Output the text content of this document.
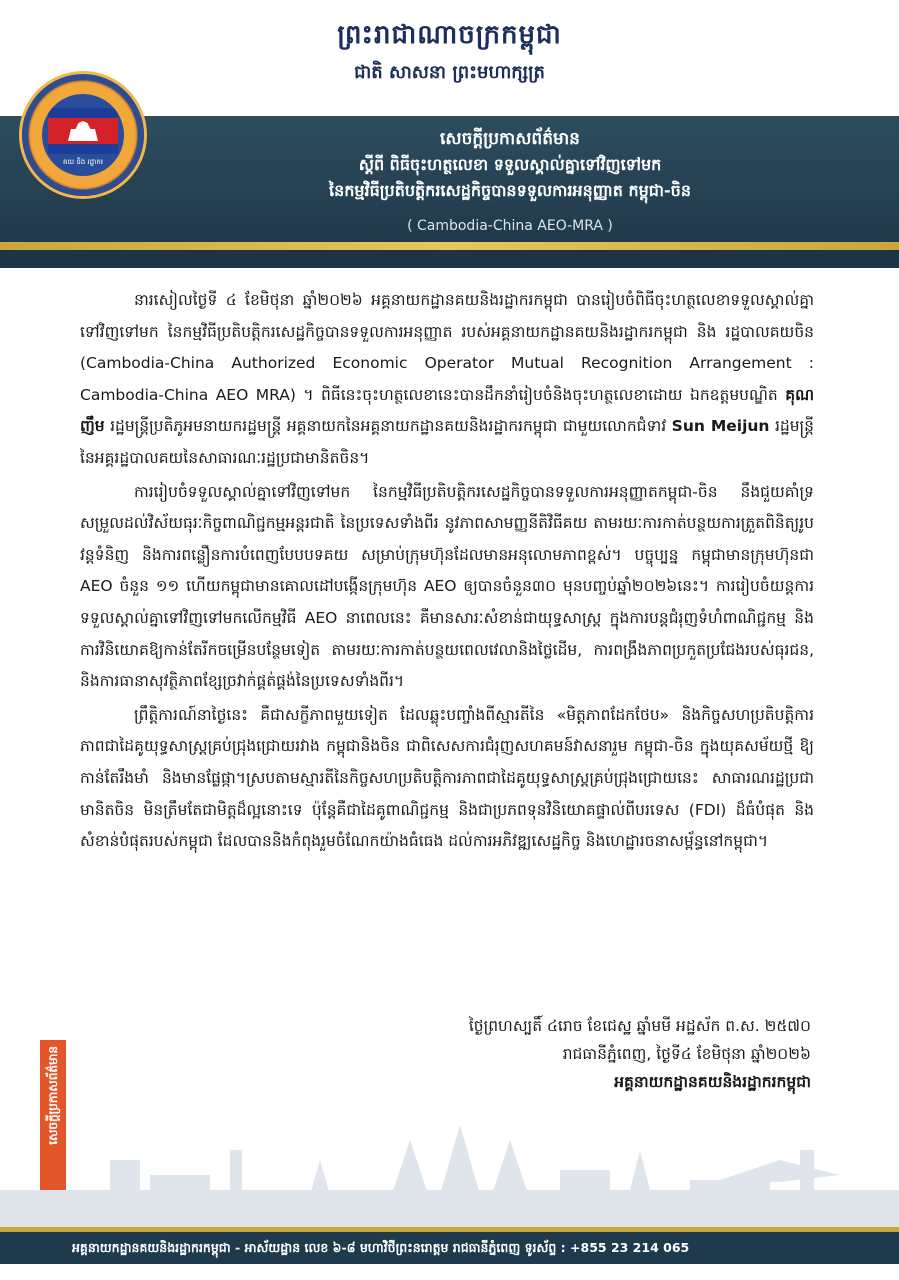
ព្រះរាជាណាចក្រកម្ពុជា
ជាតិ សាសនា ព្រះមហាក្សត្រ
សេចក្តីប្រកាសព័ត៌មាន
ស្តីពី ពិធីចុះហត្ថលេខា ទទួលស្គាល់គ្នាទៅវិញទៅមក
នៃកម្មវិធីប្រតិបត្តិករសេដ្ឋកិច្ចបានទទួលការអនុញ្ញាត កម្ពុជា-ចិន
( Cambodia-China AEO-MRA )
គយ និង រដ្ឋាករ

នារសៀលថ្ងៃទី ៤ ខែមិថុនា ឆ្នាំ២០២៦ អគ្គនាយកដ្ឋានគយនិងរដ្ឋាករកម្ពុជា បានរៀបចំពិធីចុះហត្ថលេខាទទួលស្គាល់គ្នាទៅវិញទៅមក នៃកម្មវិធីប្រតិបត្តិករសេដ្ឋកិច្ចបានទទួលការអនុញ្ញាត របស់អគ្គនាយកដ្ឋានគយនិងរដ្ឋាករកម្ពុជា និង រដ្ឋបាលគយចិន (Cambodia-China Authorized Economic Operator Mutual Recognition Arrangement : Cambodia-China AEO MRA) ។ ពិធីនេះចុះហត្ថលេខានេះបានដឹកនាំរៀបចំនិងចុះហត្ថលេខាដោយ ឯកឧត្តមបណ្ឌិត គុណ ញឹម រដ្ឋមន្ត្រីប្រតិភូអមនាយករដ្ឋមន្ត្រី អគ្គនាយកនៃអគ្គនាយកដ្ឋានគយនិងរដ្ឋាករកម្ពុជា ជាមួយលោកជំទាវ Sun Meijun រដ្ឋមន្ត្រីនៃអគ្គរដ្ឋបាលគយនៃសាធារណៈរដ្ឋប្រជាមានិតចិន។

ការរៀបចំទទួលស្គាល់គ្នាទៅវិញទៅមក នៃកម្មវិធីប្រតិបត្តិករសេដ្ឋកិច្ចបានទទួលការអនុញ្ញាតកម្ពុជា-ចិន នឹងជួយគាំទ្រសម្រួលដល់វិស័យធុរៈកិច្ចពាណិជ្ជកម្មអន្តរជាតិ នៃប្រទេសទាំងពីរ នូវភាពសាមញ្ញនីតិវិធីគយ តាមរយៈការកាត់បន្ថយការត្រួតពិនិត្យរូបវន្តទំនិញ និងការពន្លឿនការបំពេញបែបបទគយ សម្រាប់ក្រុមហ៊ុនដែលមានអនុលោមភាពខ្ពស់។ បច្ចុប្បន្ន កម្ពុជាមានក្រុមហ៊ុនជា AEO ចំនួន ១១ ហើយកម្ពុជាមានគោលដៅបង្កើនក្រុមហ៊ុន AEO ឲ្យបានចំនួន៣០ មុនបញ្ចប់ឆ្នាំ២០២៦នេះ។ ការរៀបចំយន្តការទទួលស្គាល់គ្នាទៅវិញទៅមកលើកម្មវិធី AEO នាពេលនេះ គឺមានសារៈសំខាន់ជាយុទ្ធសាស្ត្រ ក្នុងការបន្តជំរុញទំហំពាណិជ្ជកម្ម និងការវិនិយោគឱ្យកាន់តែរីកចម្រើនបន្ថែមទៀត តាមរយៈការកាត់បន្ថយពេលវេលានិងថ្លៃដើម, ការពង្រឹងភាពប្រកួតប្រជែងរបស់ធុរជន, និងការធានាសុវត្ថិភាពខ្សែច្រវាក់ផ្គត់ផ្គង់នៃប្រទេសទាំងពីរ។

ព្រឹត្តិការណ៍នាថ្ងៃនេះ គឺជាសក្ខីភាពមួយទៀត ដែលឆ្លុះបញ្ចាំងពីស្មារតីនៃ «មិត្តភាពដែកថែប» និងកិច្ចសហប្រតិបត្តិការភាពជាដៃគូយុទ្ធសាស្ត្រគ្រប់ជ្រុងជ្រោយរវាង កម្ពុជានិងចិន ជាពិសេសការជំរុញសហគមន៍វាសនារួម កម្ពុជា-ចិន ក្នុងយុគសម័យថ្មី ឱ្យកាន់តែរឹងមាំ និងមានផ្លែផ្កា។ស្របតាមស្មារតីនៃកិច្ចសហប្រតិបត្តិការភាពជាដៃគូយុទ្ធសាស្ត្រគ្រប់ជ្រុងជ្រោយនេះ សាធារណរដ្ឋប្រជាមានិតចិន មិនត្រឹមតែជាមិត្តដ៏ល្អនោះទេ ប៉ុន្តែគឺជាដៃគូពាណិជ្ជកម្ម និងជាប្រភពទុនវិនិយោគផ្ទាល់ពីបរទេស (FDI) ដ៏ធំបំផុត និងសំខាន់បំផុតរបស់កម្ពុជា ដែលបាននិងកំពុងរួមចំណែកយ៉ាងធំធេង ដល់ការអភិវឌ្ឍសេដ្ឋកិច្ច និងហេដ្ឋារចនាសម្ព័ន្ធនៅកម្ពុជា។

ថ្ងៃព្រហស្បតិ៍ ៤រោច ខែជេស្ឋ ឆ្នាំមមី អដ្ឋស័ក ព.ស. ២៥៧០
រាជធានីភ្នំពេញ, ថ្ងៃទី៤ ខែមិថុនា ឆ្នាំ២០២៦
អគ្គនាយកដ្ឋានគយនិងរដ្ឋាករកម្ពុជា
សេចក្តីប្រកាសព័ត៌មាន
អគ្គនាយកដ្ឋានគយនិងរដ្ឋាករកម្ពុជា - អាស័យដ្ឋាន លេខ ៦-៨ មហាវិថីព្រះនរោត្តម រាជធានីភ្នំពេញ ទូរស័ព្ទ : +855 23 214 065
